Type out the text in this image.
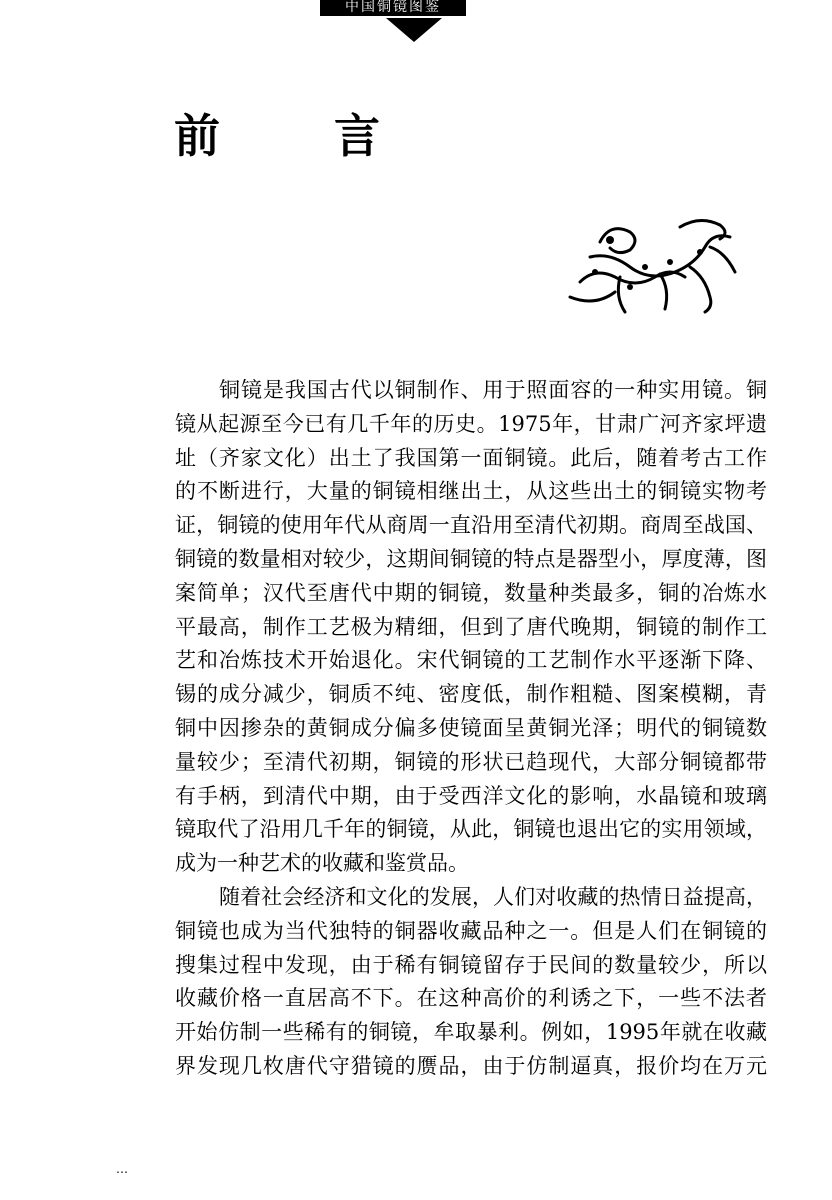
中国铜镜图鉴
前　言
铜镜是我国古代以铜制作、用于照面容的一种实用镜。铜
镜从起源至今已有几千年的历史。1975年，甘肃广河齐家坪遗
址（齐家文化）出土了我国第一面铜镜。此后，随着考古工作
的不断进行，大量的铜镜相继出土，从这些出土的铜镜实物考
证，铜镜的使用年代从商周一直沿用至清代初期。商周至战国、
铜镜的数量相对较少，这期间铜镜的特点是器型小，厚度薄，图
案简单；汉代至唐代中期的铜镜，数量种类最多，铜的冶炼水
平最高，制作工艺极为精细，但到了唐代晚期，铜镜的制作工
艺和冶炼技术开始退化。宋代铜镜的工艺制作水平逐渐下降、
锡的成分减少，铜质不纯、密度低，制作粗糙、图案模糊，青
铜中因掺杂的黄铜成分偏多使镜面呈黄铜光泽；明代的铜镜数
量较少；至清代初期，铜镜的形状已趋现代，大部分铜镜都带
有手柄，到清代中期，由于受西洋文化的影响，水晶镜和玻璃
镜取代了沿用几千年的铜镜，从此，铜镜也退出它的实用领域，
成为一种艺术的收藏和鉴赏品。
随着社会经济和文化的发展，人们对收藏的热情日益提高，
铜镜也成为当代独特的铜器收藏品种之一。但是人们在铜镜的
搜集过程中发现，由于稀有铜镜留存于民间的数量较少，所以
收藏价格一直居高不下。在这种高价的利诱之下，一些不法者
开始仿制一些稀有的铜镜，牟取暴利。例如，1995年就在收藏
界发现几枚唐代守猎镜的赝品，由于仿制逼真，报价均在万元
…
